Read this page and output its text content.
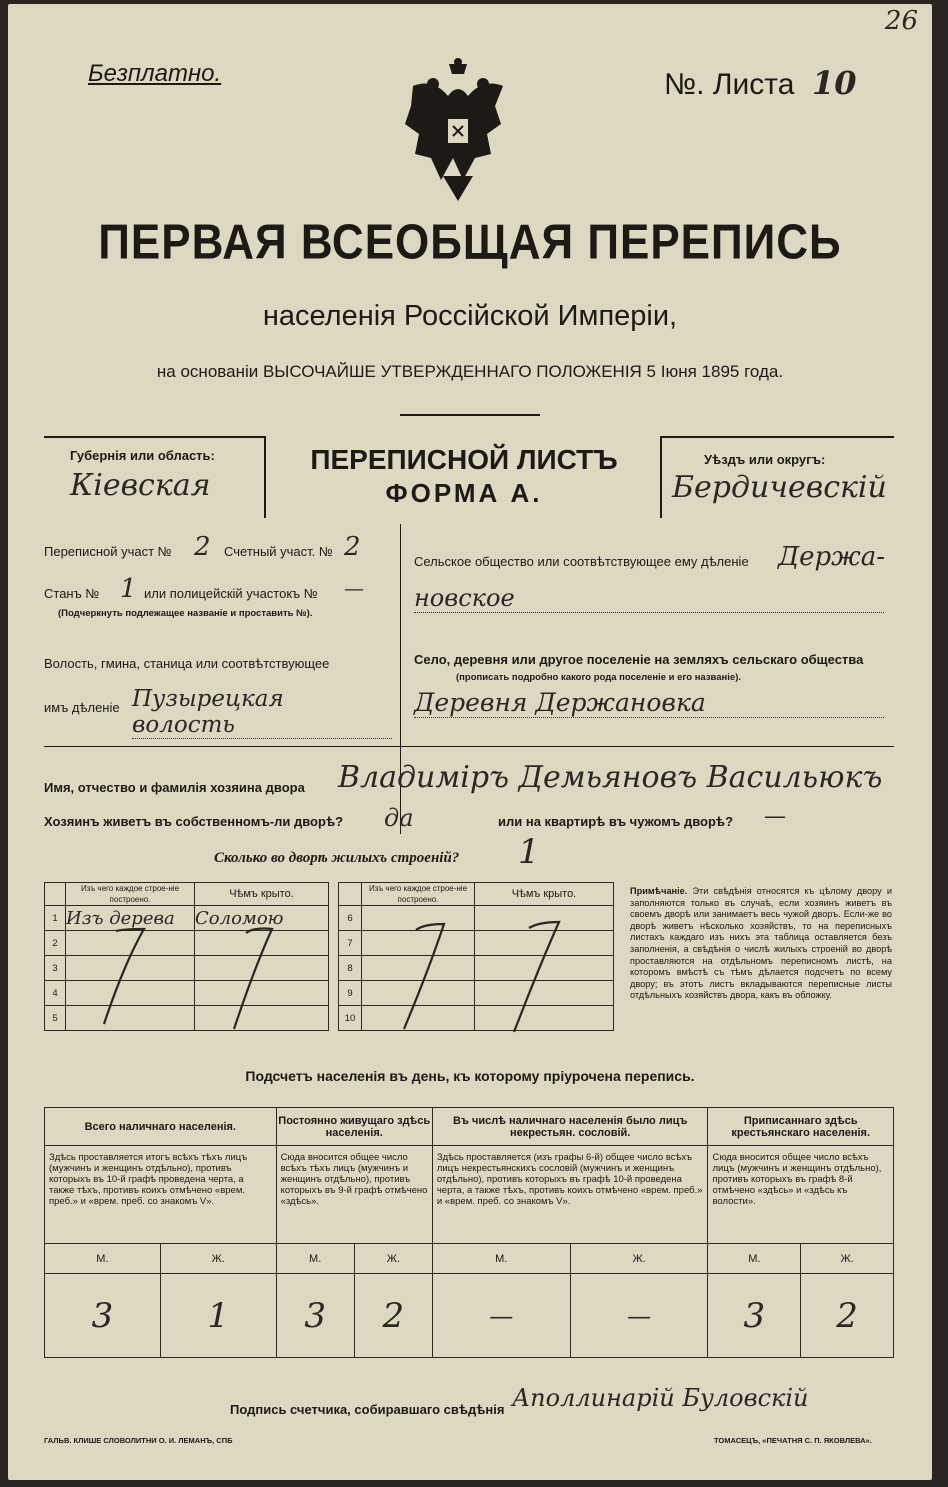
26
Безплатно.	№. Листа 10
ПЕРВАЯ ВСЕОБЩАЯ ПЕРЕПИСЬ
населенія Россійской Имперіи,
на основаніи ВЫСОЧАЙШЕ УТВЕРЖДЕННАГО ПОЛОЖЕНІЯ 5 Іюня 1895 года.
Губернія или область:
Кіевская
ПЕРЕПИСНОЙ ЛИСТЪ
ФОРМА А.
Уѣздъ или округъ:
Бердичевскій
Переписной участ № 2 Счетный участ. № 2
Станъ № 1 или полицейскій участокъ № —
(Подчеркнуть подлежащее названіе и проставить №).
Волость, гмина, станица или соотвѣтствующее
имъ дѣленіе Пузырецкая волость
Сельское общество или соотвѣтствующее ему дѣленіе Держа-
новское
Село, деревня или другое поселеніе на земляхъ сельскаго общества
(прописать подробно какого рода поселеніе и его названіе).
Деревня Держановка
Имя, отчество и фамилія хозяина двора Владиміръ Демьяновъ Васильюкъ
Хозяинъ живетъ въ собственномъ-ли дворѣ? да	или на квартирѣ въ чужомъ дворѣ? —
Сколько во дворѣ жилыхъ строеній? 1
	Изъ чего каждое строе-ніе построено.	Чѣмъ крыто.
1	Изъ дерева	Соломою
2		
3		
4		
5		
	Изъ чего каждое строе-ніе построено.	Чѣмъ крыто.
6		
7		
8		
9		
10		
Примѣчаніе. Эти свѣдѣнія относятся къ цѣлому двору и заполняются только въ случаѣ, если хозяинъ живетъ въ своемъ дворѣ или занимаетъ весь чужой дворъ. Если-же во дворѣ живетъ нѣсколько хозяйствъ, то на переписныхъ листахъ каждаго изъ нихъ эта таблица оставляется безъ заполненія, а свѣдѣнія о числѣ жилыхъ строеній во дворѣ проставляются на отдѣльномъ переписномъ листѣ, на которомъ вмѣстѣ съ тѣмъ дѣлается подсчетъ по всему двору; въ этотъ листъ вкладываются переписные листы отдѣльныхъ хозяйствъ двора, какъ въ обложку.
Подсчетъ населенія въ день, къ которому пріурочена перепись.
Всего наличнаго населенія.		Постоянно живущаго здѣсь населенія.		Въ числѣ наличнаго населенія было лицъ некрестьян. сословій.		Приписаннаго здѣсь крестьянскаго населенія.	
Здѣсь проставляется итогъ всѣхъ тѣхъ лицъ (мужчинъ и женщинъ отдѣльно), противъ которыхъ въ 10-й графѣ проведена черта, а также тѣхъ, противъ коихъ отмѣчено «врем. преб.» и «врем. преб. со знакомъ V».		Сюда вносится общее число всѣхъ тѣхъ лицъ (мужчинъ и женщинъ отдѣльно), противъ которыхъ въ 9-й графѣ отмѣчено «здѣсь».		Здѣсь проставляется (изъ графы 6-й) общее число всѣхъ лицъ некрестьянскихъ сословій (мужчинъ и женщинъ отдѣльно), противъ которыхъ въ графѣ 10-й проведена черта, а также тѣхъ, противъ коихъ отмѣчено «врем. преб.» и «врем. преб. со знакомъ V».		Сюда вносится общее число всѣхъ лицъ (мужчинъ и женщинъ отдѣльно), противъ которыхъ въ графѣ 8-й отмѣчено «здѣсь» и «здѣсь къ волости».	
М.	Ж.	М.	Ж.	М.	Ж.	М.	Ж.
3	1	3	2	—	—	3	2
Подпись счетчика, собиравшаго свѣдѣнія Аполлинарій Буловскій
ГАЛЬВ. КЛИШЕ СЛОВОЛИТНИ О. И. ЛЕМАНЪ, СПБ	ТОМАСЕЦЪ, «ПЕЧАТНЯ С. П. ЯКОВЛЕВА».
